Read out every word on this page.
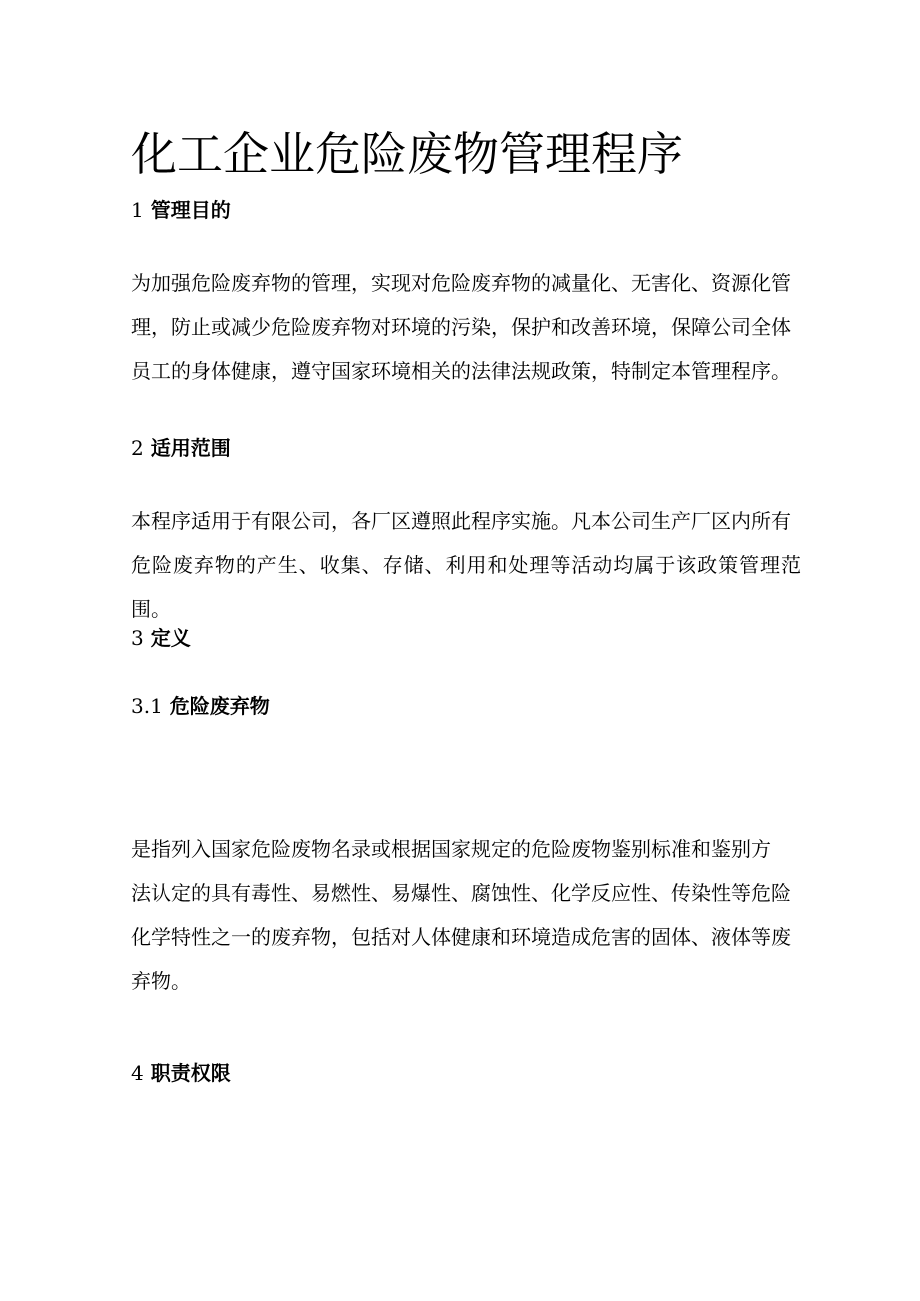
化工企业危险废物管理程序
1 管理目的
为加强危险废弃物的管理，实现对危险废弃物的减量化、无害化、资源化管
理，防止或减少危险废弃物对环境的污染，保护和改善环境，保障公司全体
员工的身体健康，遵守国家环境相关的法律法规政策，特制定本管理程序。
2 适用范围
本程序适用于有限公司，各厂区遵照此程序实施。凡本公司生产厂区内所有
危险废弃物的产生、收集、存储、利用和处理等活动均属于该政策管理范围。
3 定义
3.1 危险废弃物
是指列入国家危险废物名录或根据国家规定的危险废物鉴别标准和鉴别方
法认定的具有毒性、易燃性、易爆性、腐蚀性、化学反应性、传染性等危险
化学特性之一的废弃物，包括对人体健康和环境造成危害的固体、液体等废
弃物。
4 职责权限
